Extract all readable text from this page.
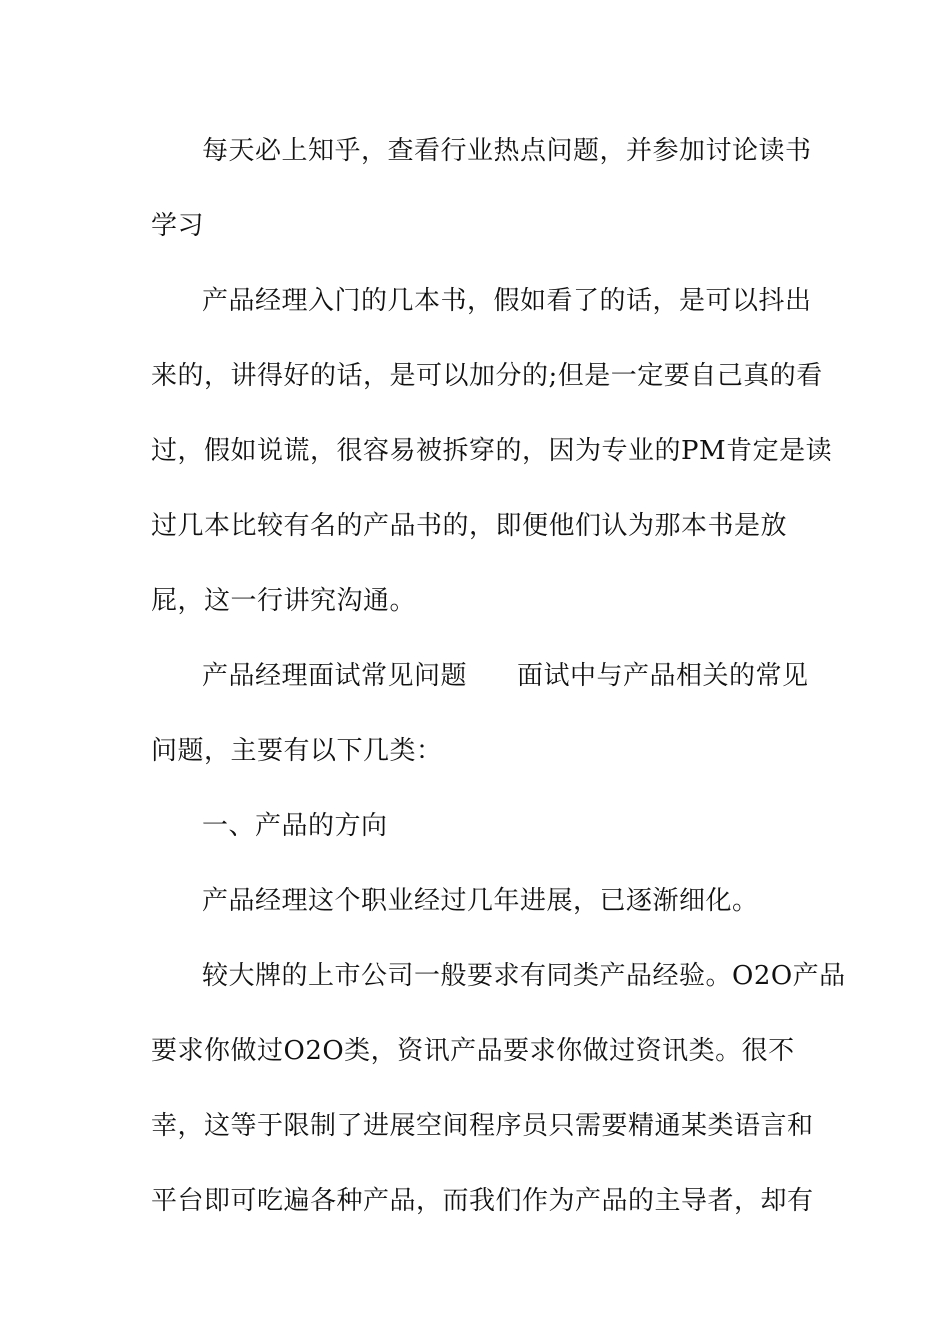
每天必上知乎，查看行业热点问题，并参加讨论读书
学习
产品经理入门的几本书，假如看了的话，是可以抖出
来的，讲得好的话，是可以加分的;但是一定要自己真的看
过，假如说谎，很容易被拆穿的，因为专业的PM肯定是读
过几本比较有名的产品书的，即便他们认为那本书是放
屁，这一行讲究沟通。
产品经理面试常见问题 面试中与产品相关的常见
问题，主要有以下几类：
一、产品的方向
产品经理这个职业经过几年进展，已逐渐细化。
较大牌的上市公司一般要求有同类产品经验。O2O产品
要求你做过O2O类，资讯产品要求你做过资讯类。很不
幸，这等于限制了进展空间程序员只需要精通某类语言和
平台即可吃遍各种产品，而我们作为产品的主导者，却有
